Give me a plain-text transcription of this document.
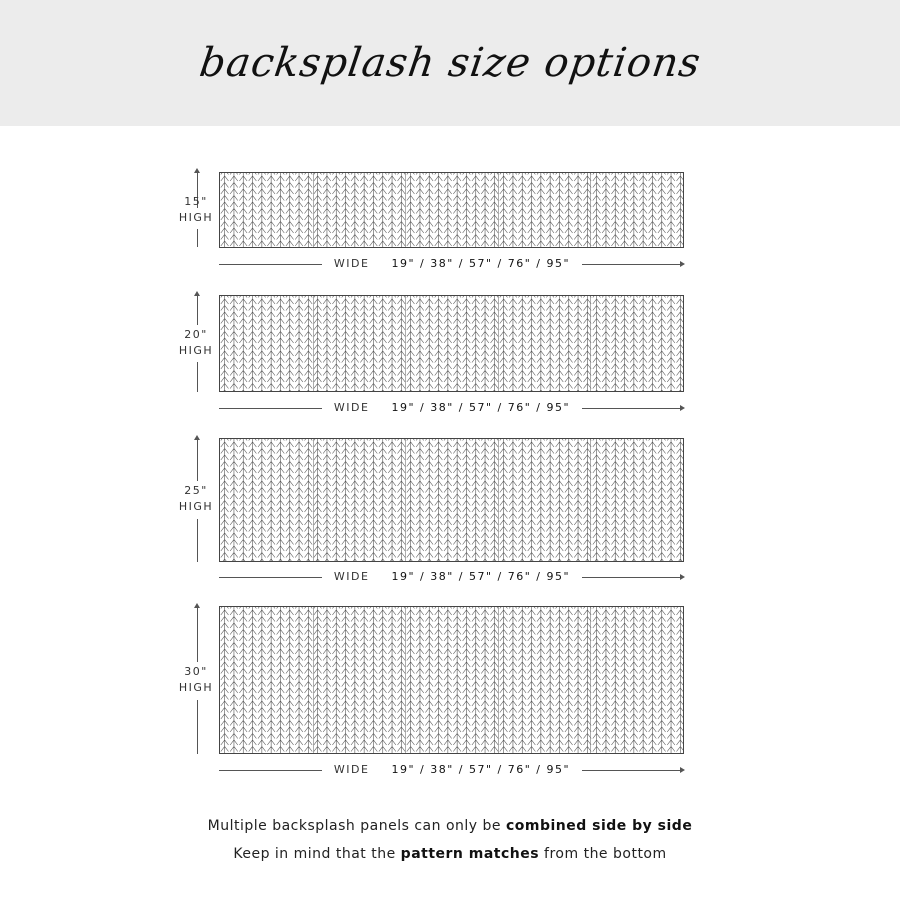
backsplash size options
15"
HIGH
WIDE 19" / 38" / 57" / 76" / 95"
20"
HIGH
WIDE 19" / 38" / 57" / 76" / 95"
25"
HIGH
WIDE 19" / 38" / 57" / 76" / 95"
30"
HIGH
WIDE 19" / 38" / 57" / 76" / 95"
Multiple backsplash panels can only be combined side by side
Keep in mind that the pattern matches from the bottom
